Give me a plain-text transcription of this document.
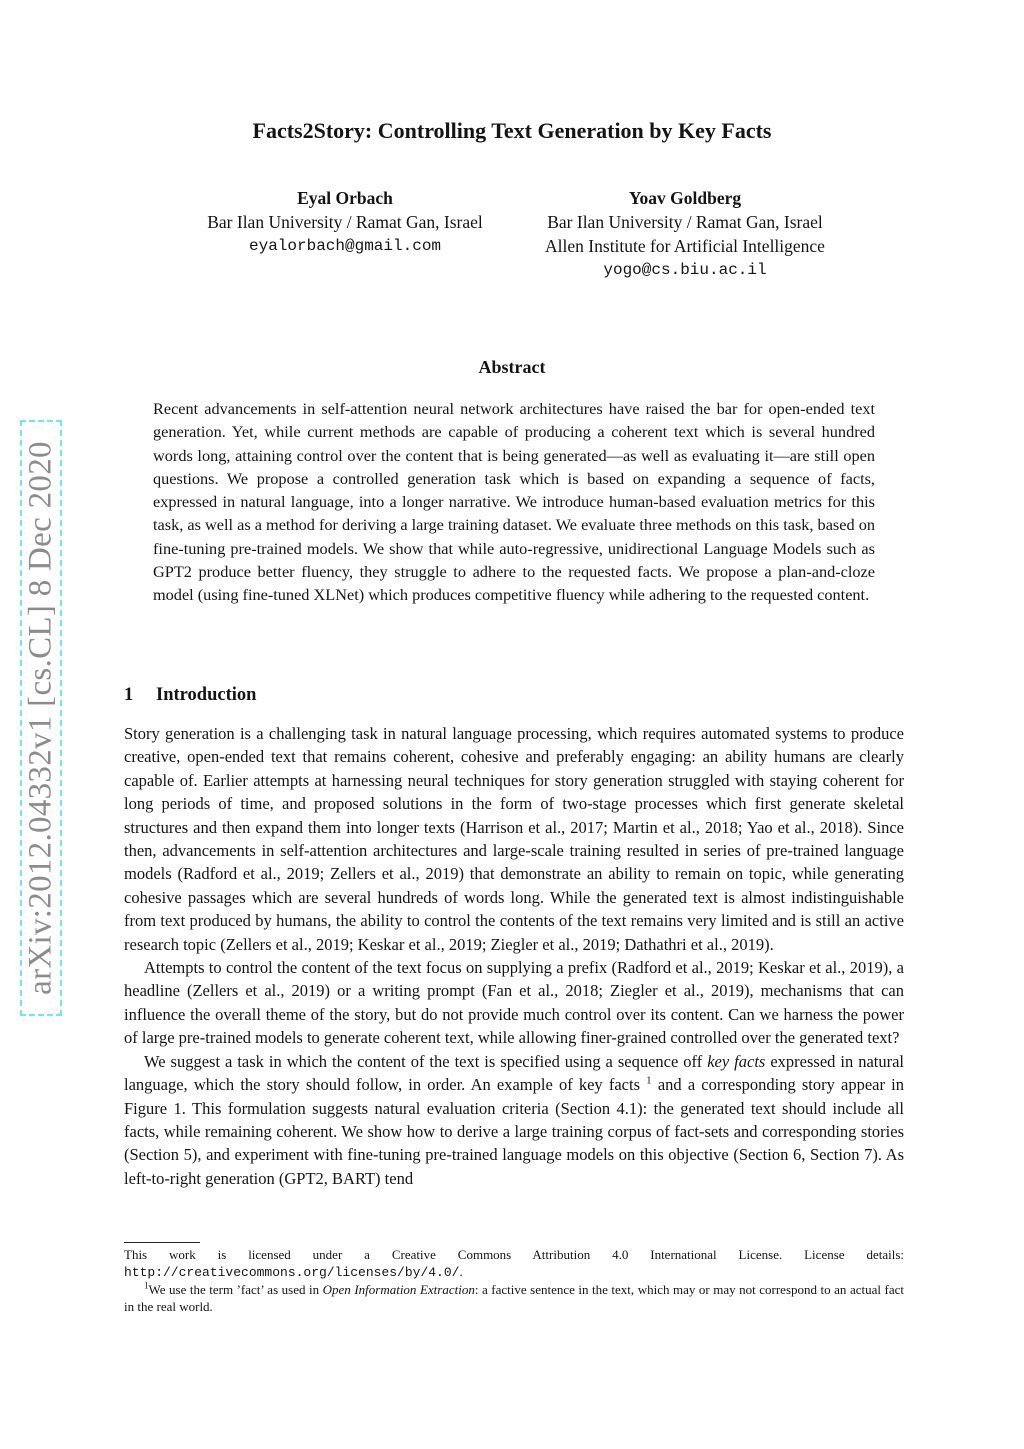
Facts2Story: Controlling Text Generation by Key Facts
Eyal Orbach
Bar Ilan University / Ramat Gan, Israel
eyalorbach@gmail.com
Yoav Goldberg
Bar Ilan University / Ramat Gan, Israel
Allen Institute for Artificial Intelligence
yogo@cs.biu.ac.il
Abstract

Recent advancements in self-attention neural network architectures have raised the bar for open-ended text generation. Yet, while current methods are capable of producing a coherent text which is several hundred words long, attaining control over the content that is being generated—as well as evaluating it—are still open questions. We propose a controlled generation task which is based on expanding a sequence of facts, expressed in natural language, into a longer narrative. We introduce human-based evaluation metrics for this task, as well as a method for deriving a large training dataset. We evaluate three methods on this task, based on fine-tuning pre-trained models. We show that while auto-regressive, unidirectional Language Models such as GPT2 produce better fluency, they struggle to adhere to the requested facts. We propose a plan-and-cloze model (using fine-tuned XLNet) which produces competitive fluency while adhering to the requested content.

1 Introduction

Story generation is a challenging task in natural language processing, which requires automated systems to produce creative, open-ended text that remains coherent, cohesive and preferably engaging: an ability humans are clearly capable of. Earlier attempts at harnessing neural techniques for story generation struggled with staying coherent for long periods of time, and proposed solutions in the form of two-stage processes which first generate skeletal structures and then expand them into longer texts (Harrison et al., 2017; Martin et al., 2018; Yao et al., 2018). Since then, advancements in self-attention architectures and large-scale training resulted in series of pre-trained language models (Radford et al., 2019; Zellers et al., 2019) that demonstrate an ability to remain on topic, while generating cohesive passages which are several hundreds of words long. While the generated text is almost indistinguishable from text produced by humans, the ability to control the contents of the text remains very limited and is still an active research topic (Zellers et al., 2019; Keskar et al., 2019; Ziegler et al., 2019; Dathathri et al., 2019).

Attempts to control the content of the text focus on supplying a prefix (Radford et al., 2019; Keskar et al., 2019), a headline (Zellers et al., 2019) or a writing prompt (Fan et al., 2018; Ziegler et al., 2019), mechanisms that can influence the overall theme of the story, but do not provide much control over its content. Can we harness the power of large pre-trained models to generate coherent text, while allowing finer-grained controlled over the generated text?

We suggest a task in which the content of the text is specified using a sequence off key facts expressed in natural language, which the story should follow, in order. An example of key facts $^1$ and a corresponding story appear in Figure 1. This formulation suggests natural evaluation criteria (Section 4.1): the generated text should include all facts, while remaining coherent. We show how to derive a large training corpus of fact-sets and corresponding stories (Section 5), and experiment with fine-tuning pre-trained language models on this objective (Section 6, Section 7). As left-to-right generation (GPT2, BART) tend

This work is licensed under a Creative Commons Attribution 4.0 International License. License details: http://creativecommons.org/licenses/by/4.0/.

$^1$We use the term ’fact’ as used in Open Information Extraction: a factive sentence in the text, which may or may not correspond to an actual fact in the real world.

arXiv:2012.04332v1 [cs.CL] 8 Dec 2020
